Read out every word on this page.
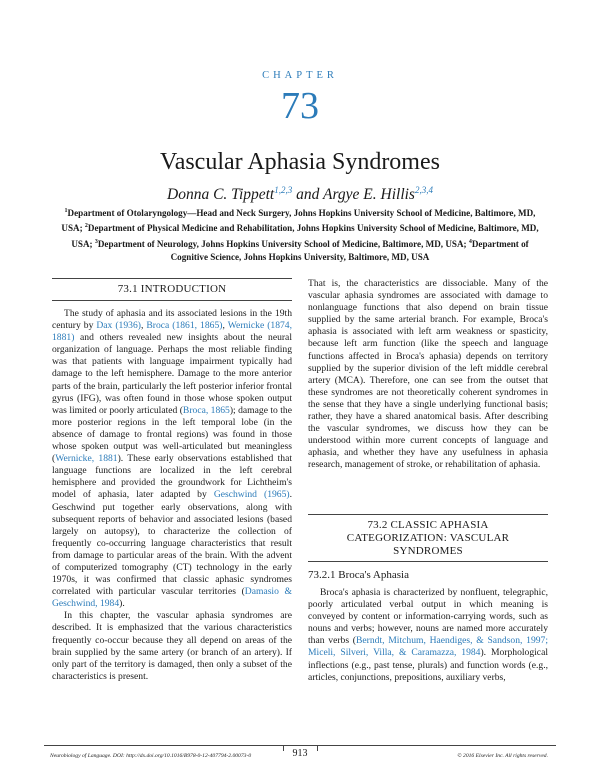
CHAPTER
73
Vascular Aphasia Syndromes
Donna C. Tippett$^{1,2,3}$ and Argye E. Hillis$^{2,3,4}$
$^1$Department of Otolaryngology—Head and Neck Surgery, Johns Hopkins University School of Medicine, Baltimore, MD, USA; $^2$Department of Physical Medicine and Rehabilitation, Johns Hopkins University School of Medicine, Baltimore, MD, USA; $^3$Department of Neurology, Johns Hopkins University School of Medicine, Baltimore, MD, USA; $^4$Department of Cognitive Science, Johns Hopkins University, Baltimore, MD, USA
73.1 INTRODUCTION

The study of aphasia and its associated lesions in the 19th century by Dax (1936), Broca (1861, 1865), Wernicke (1874, 1881) and others revealed new insights about the neural organization of language. Perhaps the most reliable finding was that patients with language impairment typically had damage to the left hemisphere. Damage to the more anterior parts of the brain, particularly the left posterior inferior frontal gyrus (IFG), was often found in those whose spoken output was limited or poorly articulated (Broca, 1865); damage to the more posterior regions in the left temporal lobe (in the absence of damage to frontal regions) was found in those whose spoken output was well-articulated but meaningless (Wernicke, 1881). These early observations established that language functions are localized in the left cerebral hemisphere and provided the groundwork for Lichtheim's model of aphasia, later adapted by Geschwind (1965). Geschwind put together early observations, along with subsequent reports of behavior and associated lesions (based largely on autopsy), to characterize the collection of frequently co-occurring language characteristics that result from damage to particular areas of the brain. With the advent of computerized tomography (CT) technology in the early 1970s, it was confirmed that classic aphasic syndromes correlated with particular vascular territories (Damasio & Geschwind, 1984).

In this chapter, the vascular aphasia syndromes are described. It is emphasized that the various characteristics frequently co-occur because they all depend on areas of the brain supplied by the same artery (or branch of an artery). If only part of the territory is damaged, then only a subset of the characteristics is present.

That is, the characteristics are dissociable. Many of the vascular aphasia syndromes are associated with damage to nonlanguage functions that also depend on brain tissue supplied by the same arterial branch. For example, Broca's aphasia is associated with left arm weakness or spasticity, because left arm function (like the speech and language functions affected in Broca's aphasia) depends on territory supplied by the superior division of the left middle cerebral artery (MCA). Therefore, one can see from the outset that these syndromes are not theoretically coherent syndromes in the sense that they have a single underlying functional basis; rather, they have a shared anatomical basis. After describing the vascular syndromes, we discuss how they can be understood within more current concepts of language and aphasia, and whether they have any usefulness in aphasia research, management of stroke, or rehabilitation of aphasia.

73.2 CLASSIC APHASIA
CATEGORIZATION: VASCULAR
SYNDROMES
73.2.1 Broca's Aphasia

Broca's aphasia is characterized by nonfluent, telegraphic, poorly articulated verbal output in which meaning is conveyed by content or information-carrying words, such as nouns and verbs; however, nouns are named more accurately than verbs (Berndt, Mitchum, Haendiges, & Sandson, 1997; Miceli, Silveri, Villa, & Caramazza, 1984). Morphological inflections (e.g., past tense, plurals) and function words (e.g., articles, conjunctions, prepositions, auxiliary verbs,

Neurobiology of Language. DOI: http://dx.doi.org/10.1016/B978-0-12-407794-2.00073-0	913	© 2016 Elsevier Inc. All rights reserved.
